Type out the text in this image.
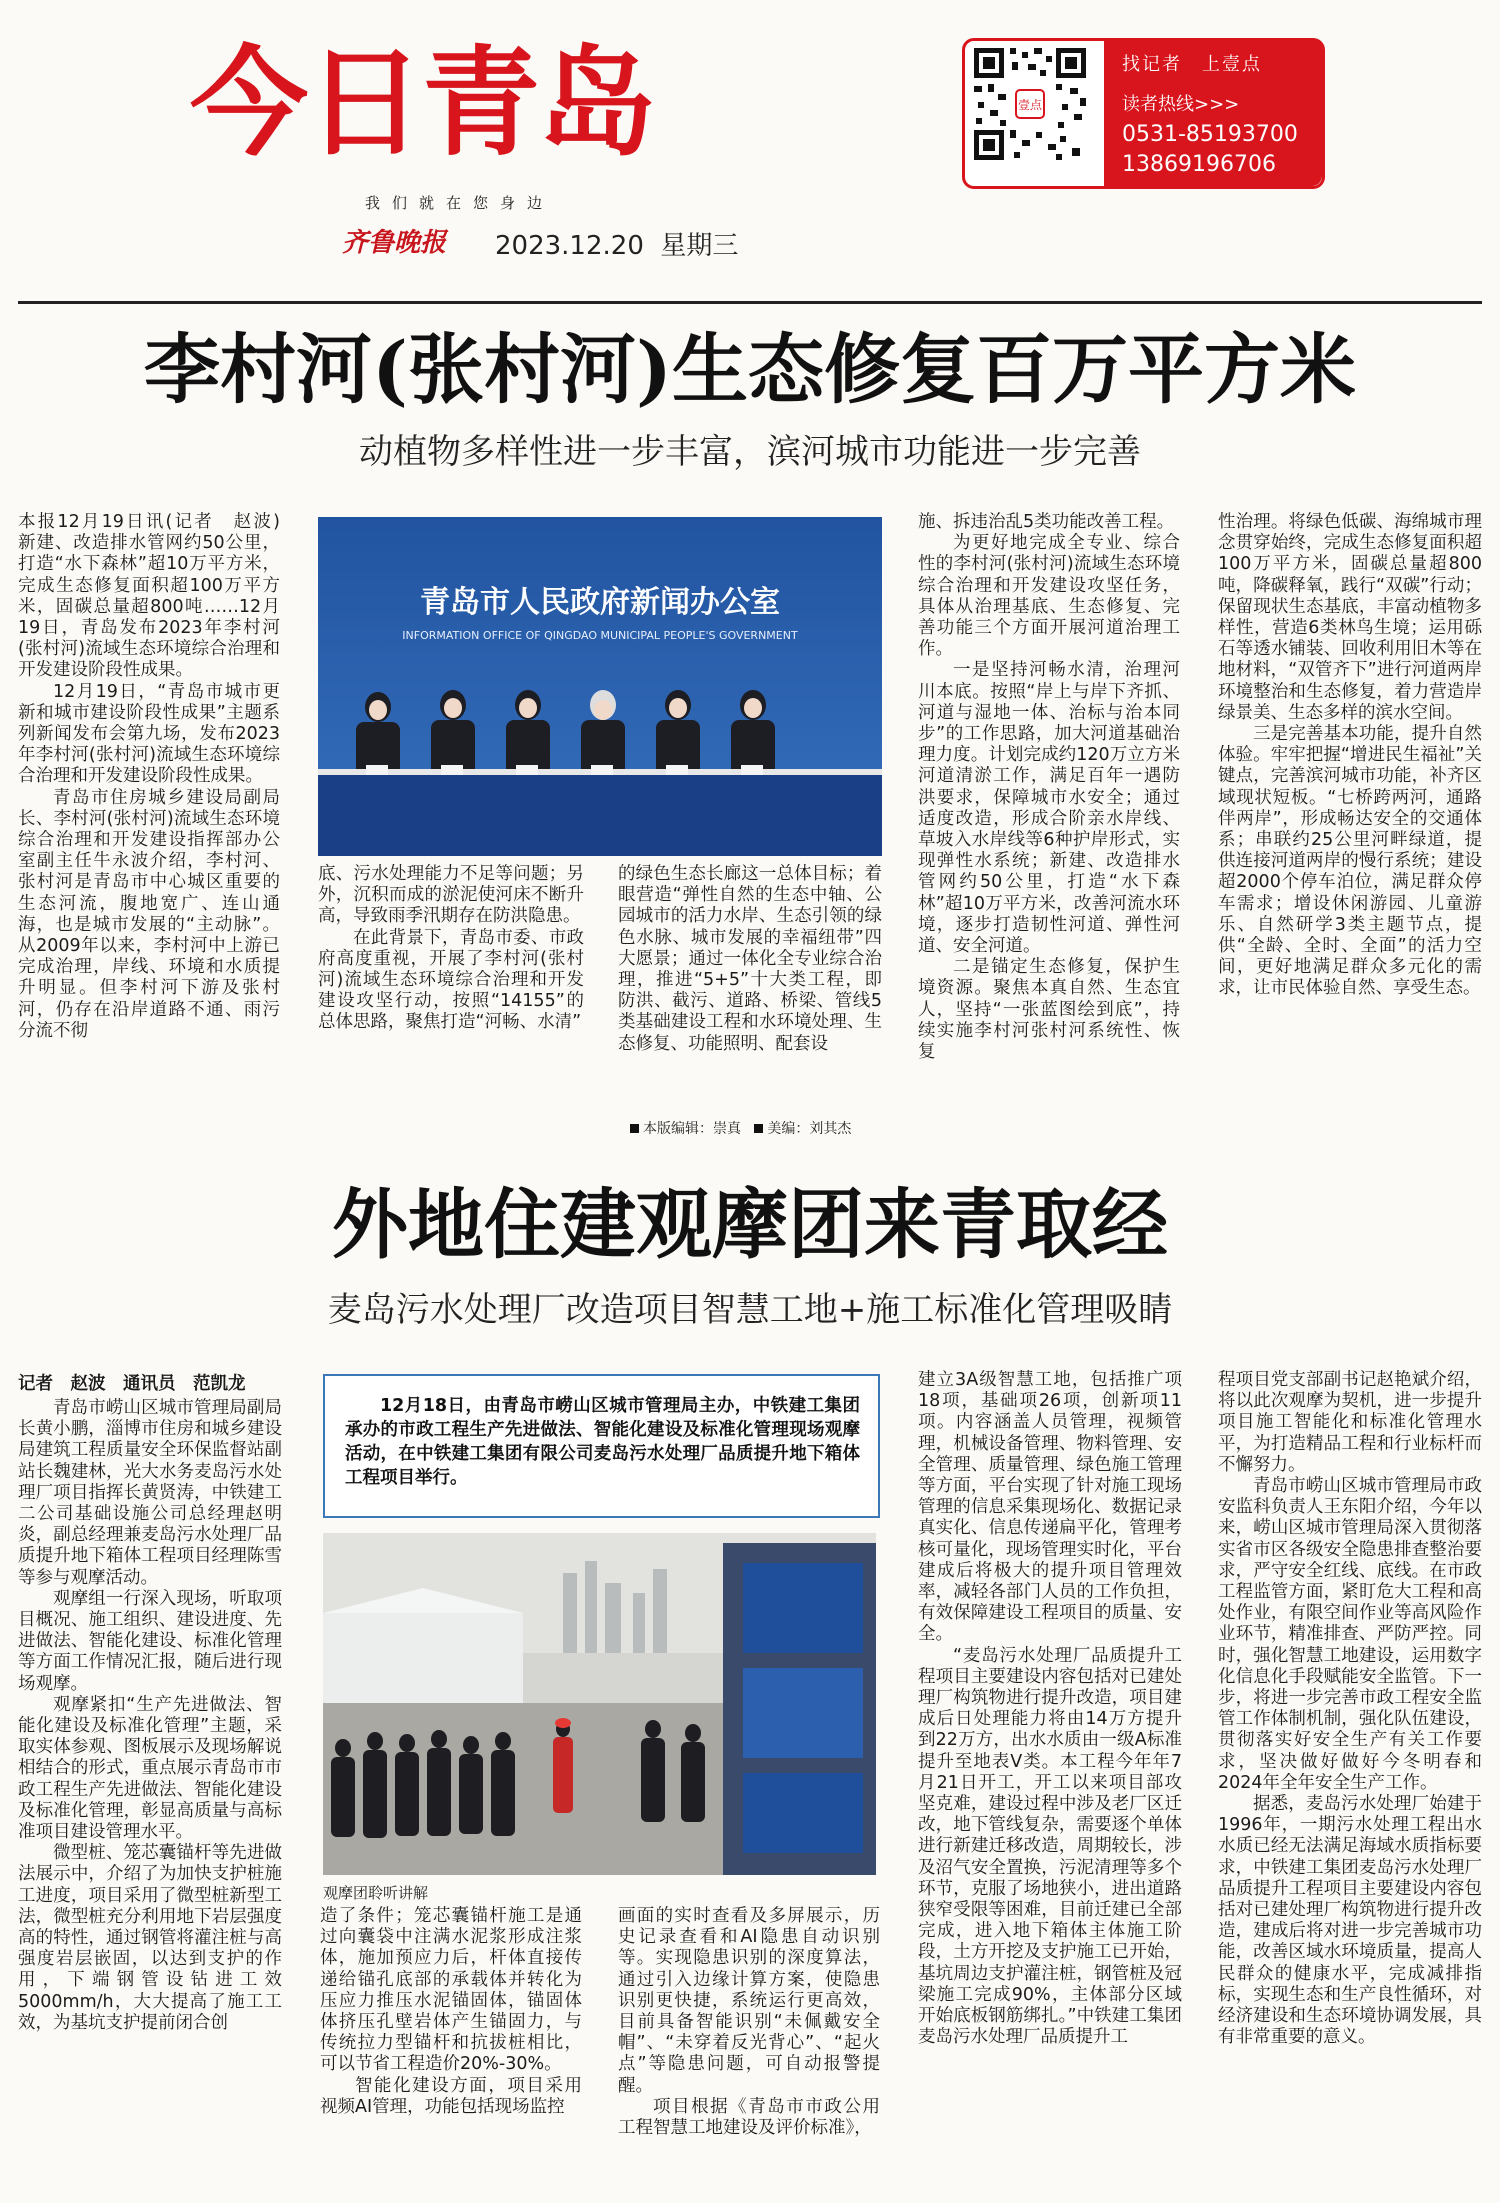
今日青岛
我们就在您身边
齐鲁晚报 2023.12.20 星期三
壹点
找记者　上壹点
读者热线>>>
0531-85193700
13869196706
李村河(张村河)生态修复百万平方米
动植物多样性进一步丰富，滨河城市功能进一步完善

本报12月19日讯(记者　赵波)　新建、改造排水管网约50公里，打造“水下森林”超10万平方米，完成生态修复面积超100万平方米，固碳总量超800吨……12月19日，青岛发布2023年李村河(张村河)流域生态环境综合治理和开发建设阶段性成果。

12月19日，“青岛市城市更新和城市建设阶段性成果”主题系列新闻发布会第九场，发布2023年李村河(张村河)流域生态环境综合治理和开发建设阶段性成果。

青岛市住房城乡建设局副局长、李村河(张村河)流域生态环境综合治理和开发建设指挥部办公室副主任牛永波介绍，李村河、张村河是青岛市中心城区重要的生态河流，腹地宽广、连山通海，也是城市发展的“主动脉”。从2009年以来，李村河中上游已完成治理，岸线、环境和水质提升明显。但李村河下游及张村河，仍存在沿岸道路不通、雨污分流不彻

青岛市人民政府新闻办公室
INFORMATION OFFICE OF QINGDAO MUNICIPAL PEOPLE'S GOVERNMENT

底、污水处理能力不足等问题；另外，沉积而成的淤泥使河床不断升高，导致雨季汛期存在防洪隐患。

在此背景下，青岛市委、市政府高度重视，开展了李村河(张村河)流域生态环境综合治理和开发建设攻坚行动，按照“14155”的总体思路，聚焦打造“河畅、水清”

的绿色生态长廊这一总体目标；着眼营造“弹性自然的生态中轴、公园城市的活力水岸、生态引领的绿色水脉、城市发展的幸福纽带”四大愿景；通过一体化全专业综合治理，推进“5+5”十大类工程，即防洪、截污、道路、桥梁、管线5类基础建设工程和水环境处理、生态修复、功能照明、配套设

施、拆违治乱5类功能改善工程。

为更好地完成全专业、综合性的李村河(张村河)流域生态环境综合治理和开发建设攻坚任务，具体从治理基底、生态修复、完善功能三个方面开展河道治理工作。

一是坚持河畅水清，治理河川本底。按照“岸上与岸下齐抓、河道与湿地一体、治标与治本同步”的工作思路，加大河道基础治理力度。计划完成约120万立方米河道清淤工作，满足百年一遇防洪要求，保障城市水安全；通过适度改造，形成合阶亲水岸线、草坡入水岸线等6种护岸形式，实现弹性水系统；新建、改造排水管网约50公里，打造“水下森林”超10万平方米，改善河流水环境，逐步打造韧性河道、弹性河道、安全河道。

二是锚定生态修复，保护生境资源。聚焦本真自然、生态宜人，坚持“一张蓝图绘到底”，持续实施李村河张村河系统性、恢复

性治理。将绿色低碳、海绵城市理念贯穿始终，完成生态修复面积超100万平方米，固碳总量超800吨，降碳释氧，践行“双碳”行动；保留现状生态基底，丰富动植物多样性，营造6类林鸟生境；运用砾石等透水铺装、回收利用旧木等在地材料，“双管齐下”进行河道两岸环境整治和生态修复，着力营造岸绿景美、生态多样的滨水空间。

三是完善基本功能，提升自然体验。牢牢把握“增进民生福祉”关键点，完善滨河城市功能，补齐区域现状短板。“七桥跨两河，通路伴两岸”，形成畅达安全的交通体系；串联约25公里河畔绿道，提供连接河道两岸的慢行系统；建设超2000个停车泊位，满足群众停车需求；增设休闲游园、儿童游乐、自然研学3类主题节点，提供“全龄、全时、全面”的活力空间，更好地满足群众多元化的需求，让市民体验自然、享受生态。

本版编辑：崇真 美编：刘其杰
外地住建观摩团来青取经
麦岛污水处理厂改造项目智慧工地+施工标准化管理吸睛
记者　赵波　通讯员　范凯龙

青岛市崂山区城市管理局副局长黄小鹏，淄博市住房和城乡建设局建筑工程质量安全环保监督站副站长魏建林，光大水务麦岛污水处理厂项目指挥长黄贤涛，中铁建工二公司基础设施公司总经理赵明炎，副总经理兼麦岛污水处理厂品质提升地下箱体工程项目经理陈雪等参与观摩活动。

观摩组一行深入现场，听取项目概况、施工组织、建设进度、先进做法、智能化建设、标准化管理等方面工作情况汇报，随后进行现场观摩。

观摩紧扣“生产先进做法、智能化建设及标准化管理”主题，采取实体参观、图板展示及现场解说相结合的形式，重点展示青岛市市政工程生产先进做法、智能化建设及标准化管理，彰显高质量与高标准项目建设管理水平。

微型桩、笼芯囊锚杆等先进做法展示中，介绍了为加快支护桩施工进度，项目采用了微型桩新型工法，微型桩充分利用地下岩层强度高的特性，通过钢管将灌注桩与高强度岩层嵌固，以达到支护的作用，下端钢管设钻进工效5000mm/h，大大提高了施工工效，为基坑支护提前闭合创

12月18日，由青岛市崂山区城市管理局主办，中铁建工集团承办的市政工程生产先进做法、智能化建设及标准化管理现场观摩活动，在中铁建工集团有限公司麦岛污水处理厂品质提升地下箱体工程项目举行。
观摩团聆听讲解

造了条件；笼芯囊锚杆施工是通过向囊袋中注满水泥浆形成注浆体，施加预应力后，杆体直接传递给锚孔底部的承载体并转化为压应力推压水泥锚固体，锚固体体挤压孔壁岩体产生锚固力，与传统拉力型锚杆和抗拔桩相比，可以节省工程造价20%-30%。

智能化建设方面，项目采用视频AI管理，功能包括现场监控

画面的实时查看及多屏展示，历史记录查看和AI隐患自动识别等。实现隐患识别的深度算法，通过引入边缘计算方案，使隐患识别更快捷，系统运行更高效，目前具备智能识别“未佩戴安全帽”、“未穿着反光背心”、“起火点”等隐患问题，可自动报警提醒。

项目根据《青岛市市政公用工程智慧工地建设及评价标准》，

建立3A级智慧工地，包括推广项18项，基础项26项，创新项11项。内容涵盖人员管理，视频管理，机械设备管理、物料管理、安全管理、质量管理、绿色施工管理等方面，平台实现了针对施工现场管理的信息采集现场化、数据记录真实化、信息传递扁平化，管理考核可量化，现场管理实时化，平台建成后将极大的提升项目管理效率，减轻各部门人员的工作负担，有效保障建设工程项目的质量、安全。

“麦岛污水处理厂品质提升工程项目主要建设内容包括对已建处理厂构筑物进行提升改造，项目建成后日处理能力将由14万方提升到22万方，出水水质由一级A标准提升至地表V类。本工程今年年7月21日开工，开工以来项目部攻坚克难，建设过程中涉及老厂区迁改，地下管线复杂，需要逐个单体进行新建迁移改造，周期较长，涉及沼气安全置换，污泥清理等多个环节，克服了场地狭小，进出道路狭窄受限等困难，目前迁建已全部完成，进入地下箱体主体施工阶段，土方开挖及支护施工已开始，基坑周边支护灌注桩，钢管桩及冠梁施工完成90%，主体部分区域开始底板钢筋绑扎。”中铁建工集团麦岛污水处理厂品质提升工

程项目党支部副书记赵艳斌介绍，将以此次观摩为契机，进一步提升项目施工智能化和标准化管理水平，为打造精品工程和行业标杆而不懈努力。

青岛市崂山区城市管理局市政安监科负责人王东阳介绍，今年以来，崂山区城市管理局深入贯彻落实省市区各级安全隐患排查整治要求，严守安全红线、底线。在市政工程监管方面，紧盯危大工程和高处作业，有限空间作业等高风险作业环节，精准排查、严防严控。同时，强化智慧工地建设，运用数字化信息化手段赋能安全监管。下一步，将进一步完善市政工程安全监管工作体制机制，强化队伍建设，贯彻落实好安全生产有关工作要求，坚决做好做好今冬明春和2024年全年安全生产工作。

据悉，麦岛污水处理厂始建于1996年，一期污水处理工程出水水质已经无法满足海域水质指标要求，中铁建工集团麦岛污水处理厂品质提升工程项目主要建设内容包括对已建处理厂构筑物进行提升改造，建成后将对进一步完善城市功能，改善区域水环境质量，提高人民群众的健康水平，完成减排指标，实现生态和生产良性循环，对经济建设和生态环境协调发展，具有非常重要的意义。
